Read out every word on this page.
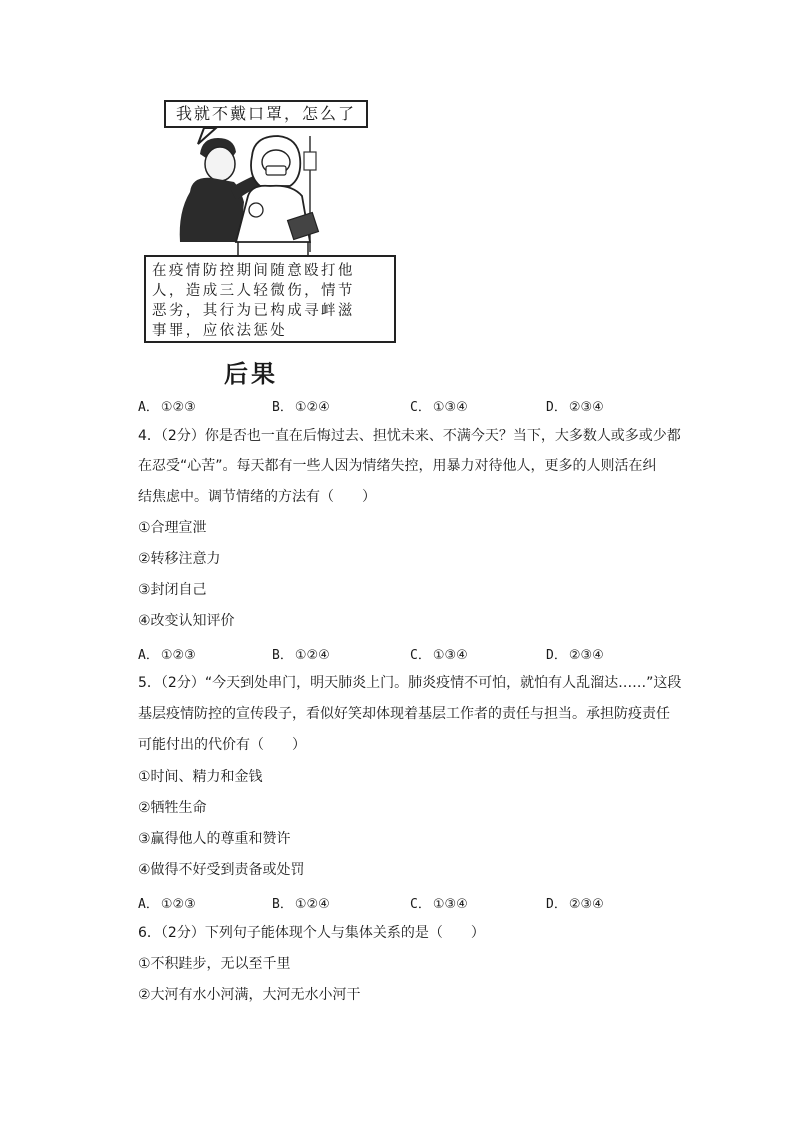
我就不戴口罩，怎么了
在疫情防控期间随意殴打他
人，造成三人轻微伤，情节
恶劣，其行为已构成寻衅滋
事罪，应依法惩处
后果
A． ①②③	B． ①②④	C． ①③④	D． ②③④
4．（2分）你是否也一直在后悔过去、担忧未来、不满今天？当下，大多数人或多或少都
在忍受“心苦”。每天都有一些人因为情绪失控，用暴力对待他人，更多的人则活在纠
结焦虑中。调节情绪的方法有（　　）
①合理宣泄
②转移注意力
③封闭自己
④改变认知评价
A． ①②③	B． ①②④	C． ①③④	D． ②③④
5．（2分）“今天到处串门，明天肺炎上门。肺炎疫情不可怕，就怕有人乱溜达……”这段
基层疫情防控的宣传段子，看似好笑却体现着基层工作者的责任与担当。承担防疫责任
可能付出的代价有（　　）
①时间、精力和金钱
②牺牲生命
③赢得他人的尊重和赞许
④做得不好受到责备或处罚
A． ①②③	B． ①②④	C． ①③④	D． ②③④
6．（2分）下列句子能体现个人与集体关系的是（　　）
①不积跬步，无以至千里
②大河有水小河满，大河无水小河干
